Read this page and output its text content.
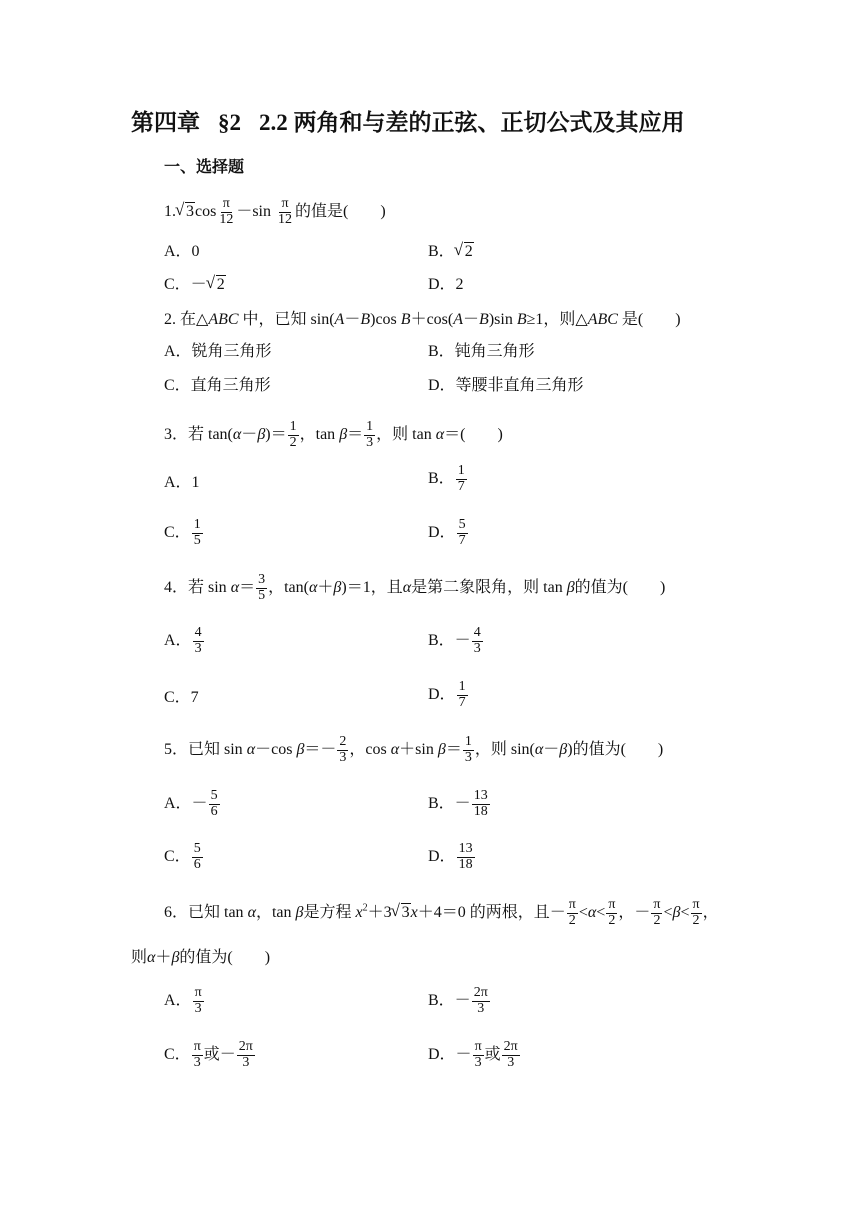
第四章 §2 2.2 两角和与差的正弦、正切公式及其应用
一、选择题
1.√ $3\cos \frac{\pi}{12} -\sin \frac{\pi}{12}$ 的值是(　　)
A．0	B．√ 2
C．－√ 2	D．2
2. 在△ABC 中，已知 sin(A－B)cos B＋cos(A－B)sin B≥1，则△ABC 是(　　)
A．锐角三角形	B．钝角三角形
C．直角三角形	D．等腰非直角三角形
3．若 $\tan(\alpha-\beta)= \frac{1}{2}$ ，$\tan \beta= \frac{1}{3}$ ，则 tan α＝(　　)
A．1	B． $\frac{1}{7}$
C． $\frac{1}{5}$	D． $\frac{5}{7}$
4．若 $\sin \alpha= \frac{3}{5}$ ，tan(α＋β)＝1，且α是第二象限角，则 tan β的值为(　　)
A． $\frac{4}{3}$	B．－ $\frac{4}{3}$
C．7	D． $\frac{1}{7}$
5．已知 sin α－cos $\beta=- \frac{2}{3}$ ，cos α＋sin $\beta= \frac{1}{3}$ ，则 sin(α－β)的值为(　　)
A．－ $\frac{5}{6}$	B．－ $\frac{13}{18}$
C． $\frac{5}{6}$	D． $\frac{13}{18}$
6．已知 tan α，tan β是方程 $x^2+3√$ 3x＋4＝0 的两根，且－ $\frac{\pi}{2} <\alpha< \frac{\pi}{2}$ ，－ $\frac{\pi}{2} <\beta< \frac{\pi}{2}$ ，
则α＋β的值为(　　)
A． $\frac{\pi}{3}$	B．－ $\frac{2\pi}{3}$
C． $\frac{\pi}{3}$ 或－ $\frac{2\pi}{3}$	D．－ $\frac{\pi}{3}$ 或 $\frac{2\pi}{3}$
